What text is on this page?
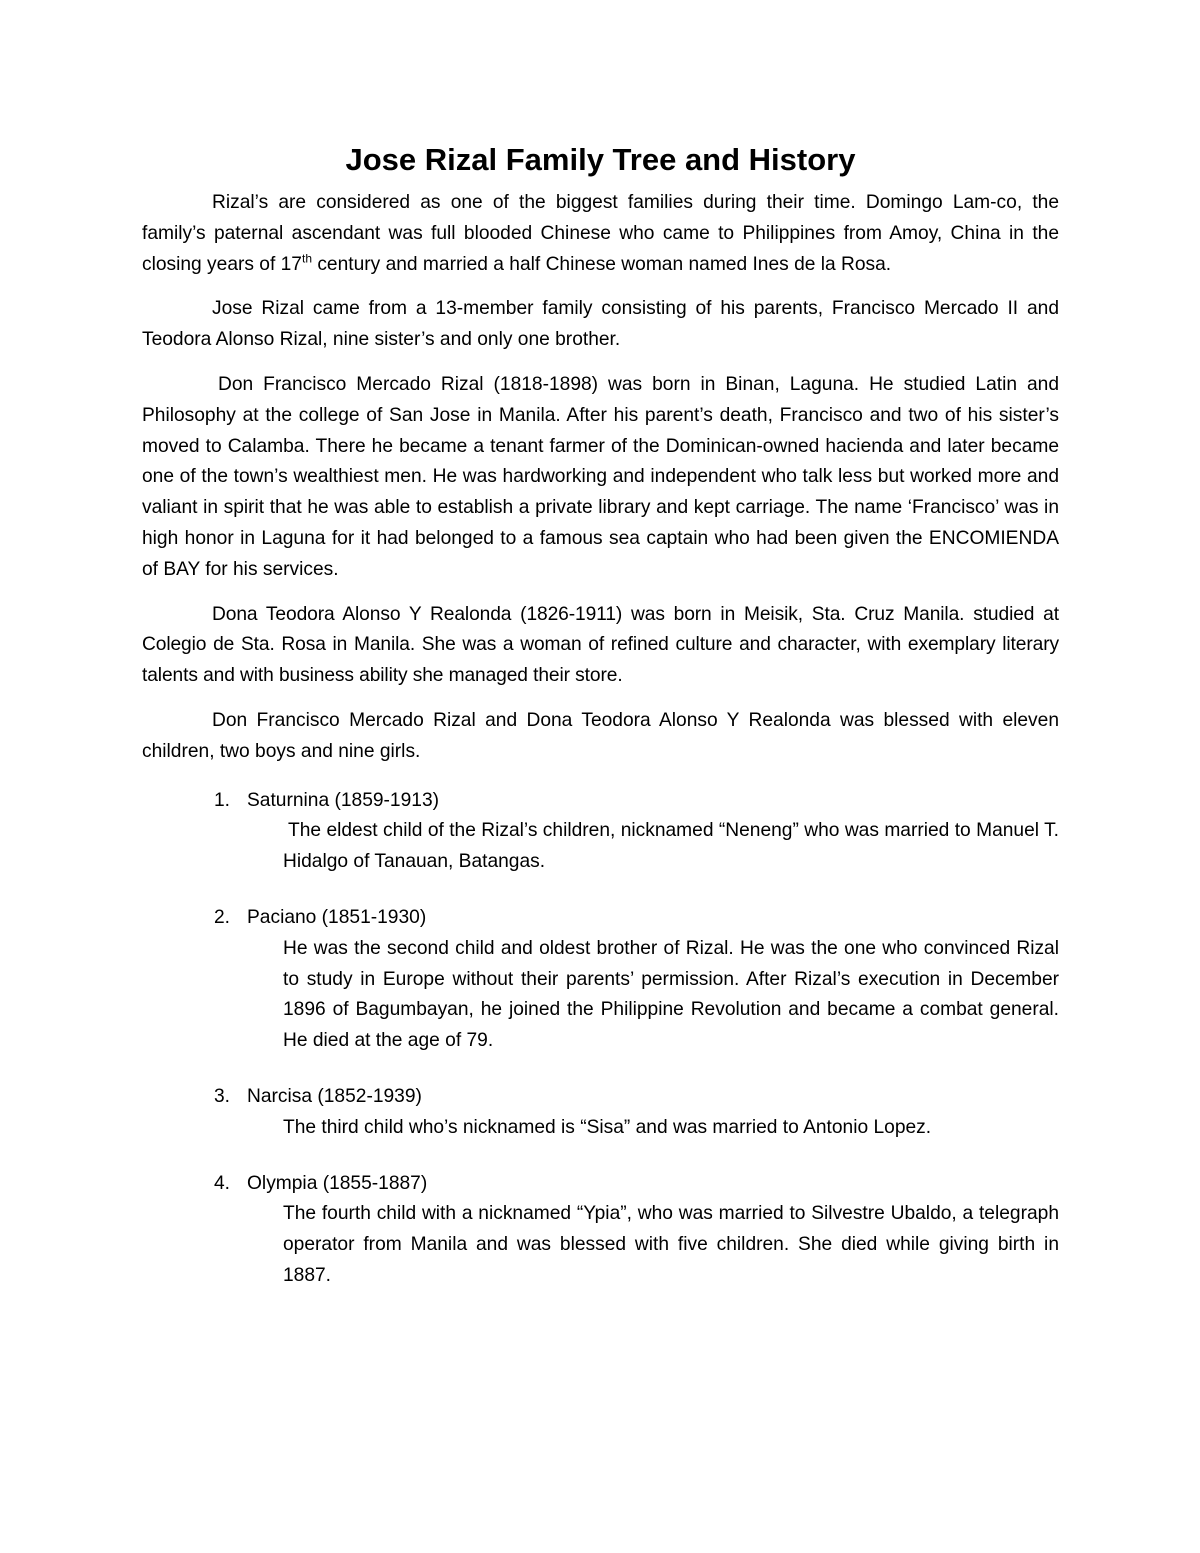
Jose Rizal Family Tree and History

Rizal’s are considered as one of the biggest families during their time. Domingo Lam-co, the family’s paternal ascendant was full blooded Chinese who came to Philippines from Amoy, China in the closing years of 17th century and married a half Chinese woman named Ines de la Rosa.

Jose Rizal came from a 13-member family consisting of his parents, Francisco Mercado II and Teodora Alonso Rizal, nine sister’s and only one brother.

Don Francisco Mercado Rizal (1818-1898) was born in Binan, Laguna. He studied Latin and Philosophy at the college of San Jose in Manila. After his parent’s death, Francisco and two of his sister’s moved to Calamba. There he became a tenant farmer of the Dominican-owned hacienda and later became one of the town’s wealthiest men. He was hardworking and independent who talk less but worked more and valiant in spirit that he was able to establish a private library and kept carriage. The name ‘Francisco’ was in high honor in Laguna for it had belonged to a famous sea captain who had been given the ENCOMIENDA of BAY for his services.

Dona Teodora Alonso Y Realonda (1826-1911) was born in Meisik, Sta. Cruz Manila. studied at Colegio de Sta. Rosa in Manila. She was a woman of refined culture and character, with exemplary literary talents and with business ability she managed their store.

Don Francisco Mercado Rizal and Dona Teodora Alonso Y Realonda was blessed with eleven children, two boys and nine girls.

1. Saturnina (1859-1913)
The eldest child of the Rizal’s children, nicknamed “Neneng” who was married to Manuel T. Hidalgo of Tanauan, Batangas.
2. Paciano (1851-1930)
He was the second child and oldest brother of Rizal. He was the one who convinced Rizal to study in Europe without their parents’ permission. After Rizal’s execution in December 1896 of Bagumbayan, he joined the Philippine Revolution and became a combat general. He died at the age of 79.
3. Narcisa (1852-1939)
The third child who’s nicknamed is “Sisa” and was married to Antonio Lopez.
4. Olympia (1855-1887)
The fourth child with a nicknamed “Ypia”, who was married to Silvestre Ubaldo, a telegraph operator from Manila and was blessed with five children. She died while giving birth in 1887.
